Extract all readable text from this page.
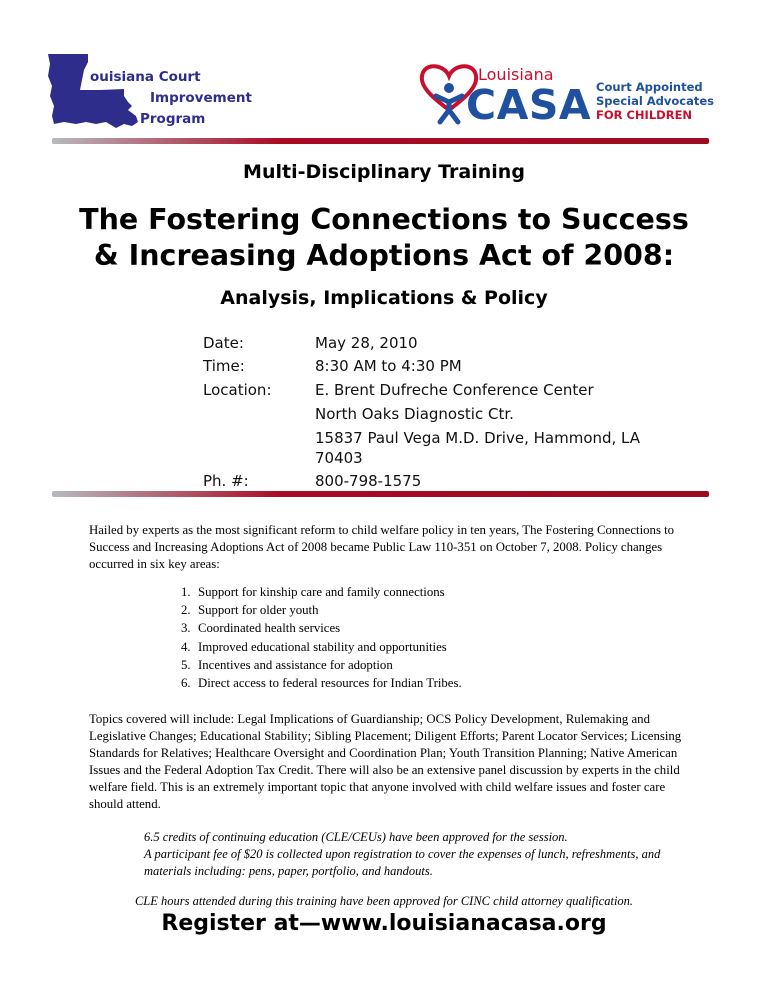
ouisiana Court
Improvement
Program
Louisiana
CASA Court Appointed
Special Advocates
FOR CHILDREN
Multi-Disciplinary Training
The Fostering Connections to Success
& Increasing Adoptions Act of 2008:
Analysis, Implications & Policy
Date:	May 28, 2010
Time:	8:30 AM to 4:30 PM
Location:	E. Brent Dufreche Conference Center
North Oaks Diagnostic Ctr.
15837 Paul Vega M.D. Drive, Hammond, LA
70403
Ph. #:	800-798-1575
Hailed by experts as the most significant reform to child welfare policy in ten years, The Fostering Connections to Success and Increasing Adoptions Act of 2008 became Public Law 110-351 on October 7, 2008. Policy changes occurred in six key areas:
1. Support for kinship care and family connections
2. Support for older youth
3. Coordinated health services
4. Improved educational stability and opportunities
5. Incentives and assistance for adoption
6. Direct access to federal resources for Indian Tribes.
Topics covered will include: Legal Implications of Guardianship; OCS Policy Development, Rulemaking and Legislative Changes; Educational Stability; Sibling Placement; Diligent Efforts; Parent Locator Services; Licensing Standards for Relatives; Healthcare Oversight and Coordination Plan; Youth Transition Planning; Native American Issues and the Federal Adoption Tax Credit. There will also be an extensive panel discussion by experts in the child welfare field. This is an extremely important topic that anyone involved with child welfare issues and foster care should attend.

6.5 credits of continuing education (CLE/CEUs) have been approved for the session.

A participant fee of $20 is collected upon registration to cover the expenses of lunch, refreshments, and materials including: pens, paper, portfolio, and handouts.

CLE hours attended during this training have been approved for CINC child attorney qualification.
Register at—www.louisianacasa.org
